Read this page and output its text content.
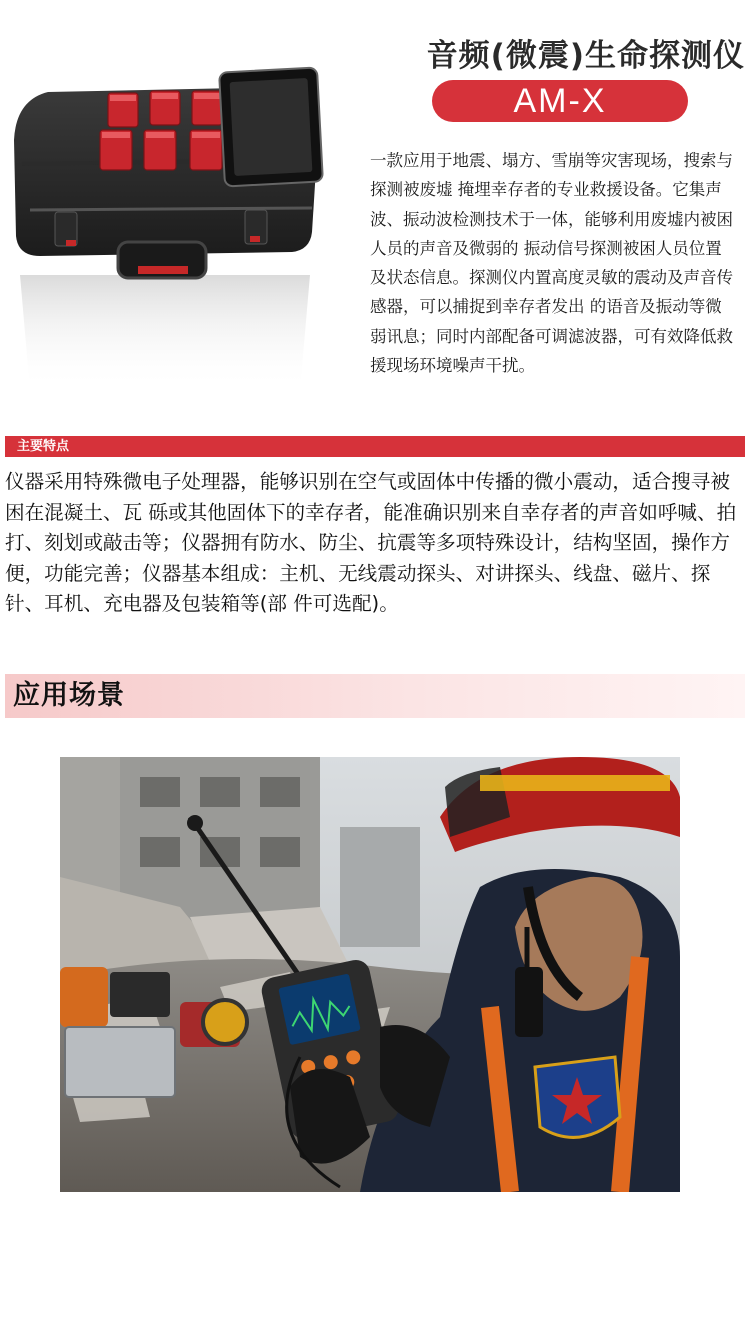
音频(微震)生命探测仪
AM-X
一款应用于地震、塌方、雪崩等灾害现场，搜索与探测被废墟 掩埋幸存者的专业救援设备。它集声波、振动波检测技术于一体，能够利用废墟内被困人员的声音及微弱的 振动信号探测被困人员位置及状态信息。探测仪内置高度灵敏的震动及声音传感器，可以捕捉到幸存者发出 的语音及振动等微弱讯息；同时内部配备可调滤波器，可有效降低救援现场环境噪声干扰。
主要特点
仪器采用特殊微电子处理器，能够识别在空气或固体中传播的微小震动，适合搜寻被困在混凝土、瓦 砾或其他固体下的幸存者，能准确识别来自幸存者的声音如呼喊、拍打、刻划或敲击等；仪器拥有防水、防尘、抗震等多项特殊设计，结构坚固，操作方便，功能完善；仪器基本组成：主机、无线震动探头、对讲探头、线盘、磁片、探针、耳机、充电器及包装箱等(部 件可选配)。
应用场景
